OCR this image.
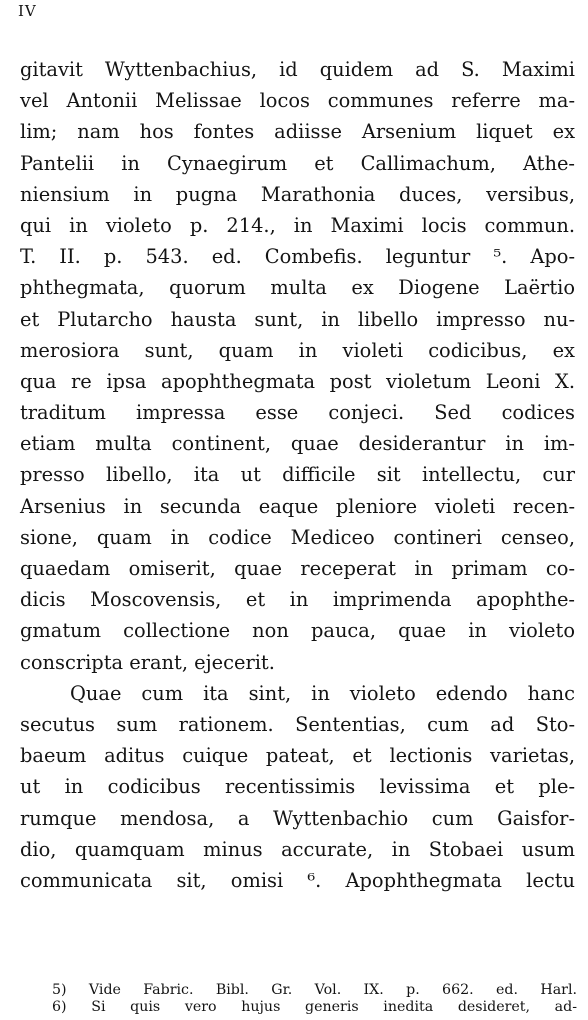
IV
gitavit Wyttenbachius, id quidem ad S. Maximi
vel Antonii Melissae locos communes referre ma-
lim; nam hos fontes adiisse Arsenium liquet ex
Pantelii in Cynaegirum et Callimachum, Athe-
niensium in pugna Marathonia duces, versibus,
qui in violeto p. 214., in Maximi locis commun.
T. II. p. 543. ed. Combefis. leguntur ⁵. Apo-
phthegmata, quorum multa ex Diogene Laërtio
et Plutarcho hausta sunt, in libello impresso nu-
merosiora sunt, quam in violeti codicibus, ex
qua re ipsa apophthegmata post violetum Leoni X.
traditum impressa esse conjeci. Sed codices
etiam multa continent, quae desiderantur in im-
presso libello, ita ut difficile sit intellectu, cur
Arsenius in secunda eaque pleniore violeti recen-
sione, quam in codice Mediceo contineri censeo,
quaedam omiserit, quae receperat in primam co-
dicis Moscovensis, et in imprimenda apophthe-
gmatum collectione non pauca, quae in violeto
conscripta erant, ejecerit.
Quae cum ita sint, in violeto edendo hanc
secutus sum rationem. Sententias, cum ad Sto-
baeum aditus cuique pateat, et lectionis varietas,
ut in codicibus recentissimis levissima et ple-
rumque mendosa, a Wyttenbachio cum Gaisfor-
dio, quamquam minus accurate, in Stobaei usum
communicata sit, omisi ⁶. Apophthegmata lectu
5) Vide Fabric. Bibl. Gr. Vol. IX. p. 662. ed. Harl.
6) Si quis vero hujus generis inedita desideret, ad-
